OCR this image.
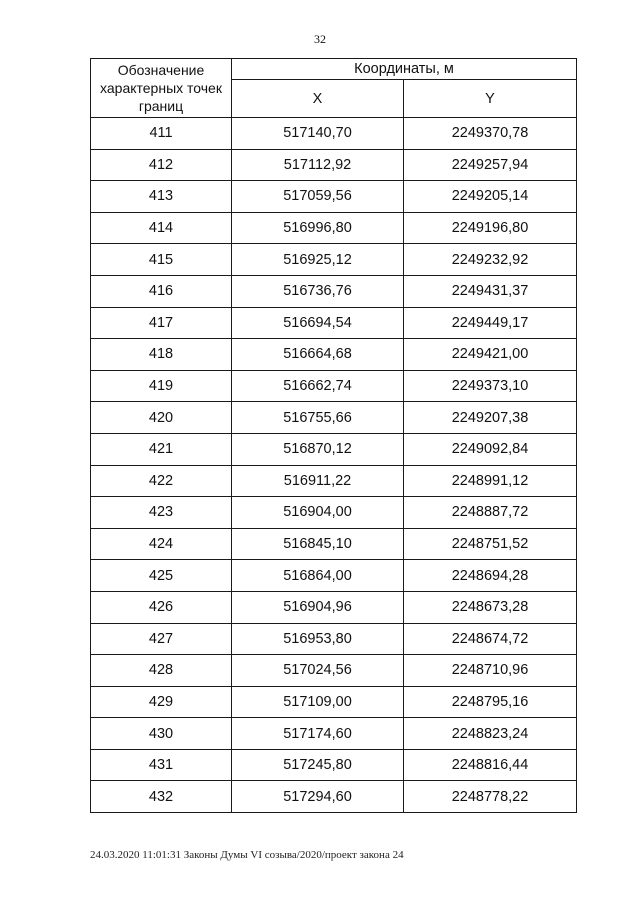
32
Обозначение
характерных точек
границ	Координаты, м	
	X	Y
411	517140,70	2249370,78
412	517112,92	2249257,94
413	517059,56	2249205,14
414	516996,80	2249196,80
415	516925,12	2249232,92
416	516736,76	2249431,37
417	516694,54	2249449,17
418	516664,68	2249421,00
419	516662,74	2249373,10
420	516755,66	2249207,38
421	516870,12	2249092,84
422	516911,22	2248991,12
423	516904,00	2248887,72
424	516845,10	2248751,52
425	516864,00	2248694,28
426	516904,96	2248673,28
427	516953,80	2248674,72
428	517024,56	2248710,96
429	517109,00	2248795,16
430	517174,60	2248823,24
431	517245,80	2248816,44
432	517294,60	2248778,22
24.03.2020 11:01:31 Законы Думы VI созыва/2020/проект закона 24
